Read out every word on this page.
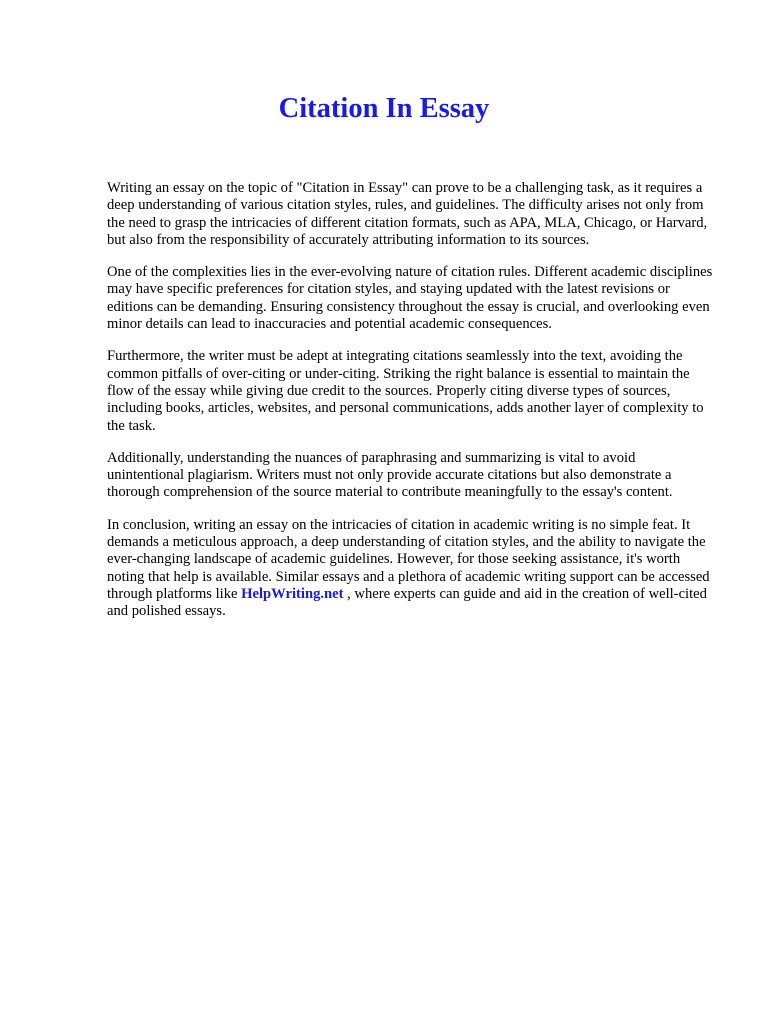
Citation In Essay

Writing an essay on the topic of "Citation in Essay" can prove to be a challenging task, as it requires a deep understanding of various citation styles, rules, and guidelines. The difficulty arises not only from the need to grasp the intricacies of different citation formats, such as APA, MLA, Chicago, or Harvard, but also from the responsibility of accurately attributing information to its sources.

One of the complexities lies in the ever-evolving nature of citation rules. Different academic disciplines may have specific preferences for citation styles, and staying updated with the latest revisions or editions can be demanding. Ensuring consistency throughout the essay is crucial, and overlooking even minor details can lead to inaccuracies and potential academic consequences.

Furthermore, the writer must be adept at integrating citations seamlessly into the text, avoiding the common pitfalls of over-citing or under-citing. Striking the right balance is essential to maintain the flow of the essay while giving due credit to the sources. Properly citing diverse types of sources, including books, articles, websites, and personal communications, adds another layer of complexity to the task.

Additionally, understanding the nuances of paraphrasing and summarizing is vital to avoid unintentional plagiarism. Writers must not only provide accurate citations but also demonstrate a thorough comprehension of the source material to contribute meaningfully to the essay's content.

In conclusion, writing an essay on the intricacies of citation in academic writing is no simple feat. It demands a meticulous approach, a deep understanding of citation styles, and the ability to navigate the ever-changing landscape of academic guidelines. However, for those seeking assistance, it's worth noting that help is available. Similar essays and a plethora of academic writing support can be accessed through platforms like HelpWriting.net , where experts can guide and aid in the creation of well-cited and polished essays.
